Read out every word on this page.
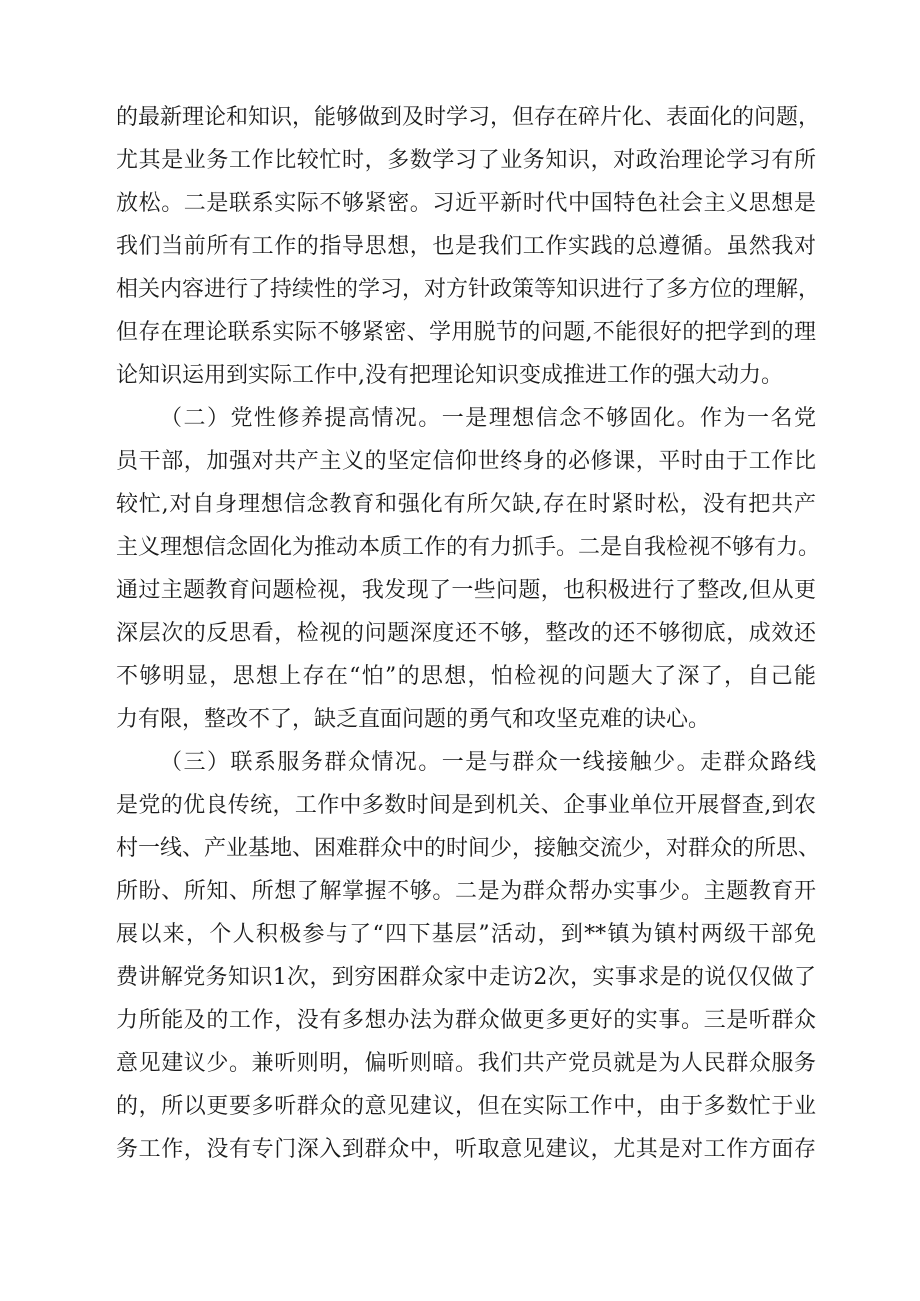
的最新理论和知识，能够做到及时学习，但存在碎片化、表面化的问题，
尤其是业务工作比较忙时，多数学习了业务知识，对政治理论学习有所
放松。二是联系实际不够紧密。习近平新时代中国特色社会主义思想是
我们当前所有工作的指导思想，也是我们工作实践的总遵循。虽然我对
相关内容进行了持续性的学习，对方针政策等知识进行了多方位的理解，
但存在理论联系实际不够紧密、学用脱节的问题,不能很好的把学到的理
论知识运用到实际工作中,没有把理论知识变成推进工作的强大动力。
（二）党性修养提高情况。一是理想信念不够固化。作为一名党
员干部，加强对共产主义的坚定信仰世终身的必修课，平时由于工作比
较忙,对自身理想信念教育和强化有所欠缺,存在时紧时松，没有把共产
主义理想信念固化为推动本质工作的有力抓手。二是自我检视不够有力。
通过主题教育问题检视，我发现了一些问题，也积极进行了整改,但从更
深层次的反思看，检视的问题深度还不够，整改的还不够彻底，成效还
不够明显，思想上存在“怕”的思想，怕检视的问题大了深了，自己能
力有限，整改不了，缺乏直面问题的勇气和攻坚克难的诀心。
（三）联系服务群众情况。一是与群众一线接触少。走群众路线
是党的优良传统，工作中多数时间是到机关、企事业单位开展督查,到农
村一线、产业基地、困难群众中的时间少，接触交流少，对群众的所思、
所盼、所知、所想了解掌握不够。二是为群众帮办实事少。主题教育开
展以来，个人积极参与了“四下基层”活动，到**镇为镇村两级干部免
费讲解党务知识1次，到穷困群众家中走访2次，实事求是的说仅仅做了
力所能及的工作，没有多想办法为群众做更多更好的实事。三是听群众
意见建议少。兼听则明，偏听则暗。我们共产党员就是为人民群众服务
的，所以更要多听群众的意见建议，但在实际工作中，由于多数忙于业
务工作，没有专门深入到群众中，听取意见建议，尤其是对工作方面存
